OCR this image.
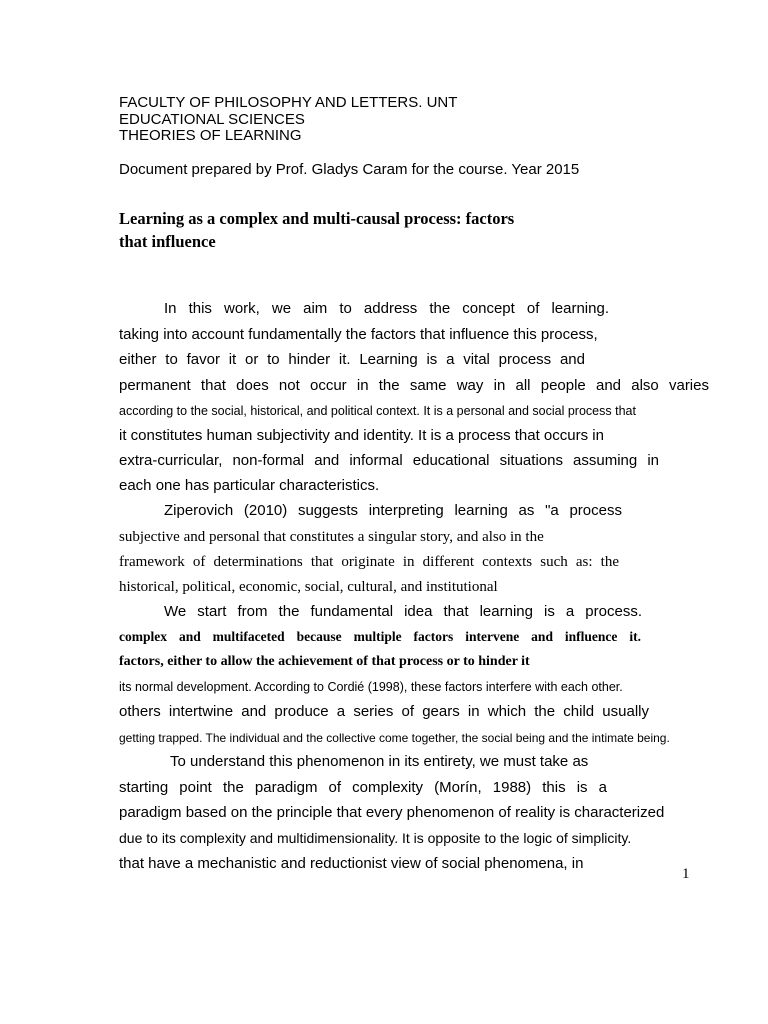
FACULTY OF PHILOSOPHY AND LETTERS. UNT
EDUCATIONAL SCIENCES
THEORIES OF LEARNING
Document prepared by Prof. Gladys Caram for the course. Year 2015
Learning as a complex and multi-causal process: factors
that influence
In this work, we aim to address the concept of learning.
taking into account fundamentally the factors that influence this process,
either to favor it or to hinder it. Learning is a vital process and
permanent that does not occur in the same way in all people and also varies
according to the social, historical, and political context. It is a personal and social process that
it constitutes human subjectivity and identity. It is a process that occurs in
extra-curricular, non-formal and informal educational situations assuming in
each one has particular characteristics.
Ziperovich (2010) suggests interpreting learning as "a process
subjective and personal that constitutes a singular story, and also in the
framework of determinations that originate in different contexts such as: the
historical, political, economic, social, cultural, and institutional
We start from the fundamental idea that learning is a process.
complex and multifaceted because multiple factors intervene and influence it.
factors, either to allow the achievement of that process or to hinder it
its normal development. According to Cordié (1998), these factors interfere with each other.
others intertwine and produce a series of gears in which the child usually
getting trapped. The individual and the collective come together, the social being and the intimate being.
To understand this phenomenon in its entirety, we must take as
starting point the paradigm of complexity (Morín, 1988) this is a
paradigm based on the principle that every phenomenon of reality is characterized
due to its complexity and multidimensionality. It is opposite to the logic of simplicity.
that have a mechanistic and reductionist view of social phenomena, in
1
